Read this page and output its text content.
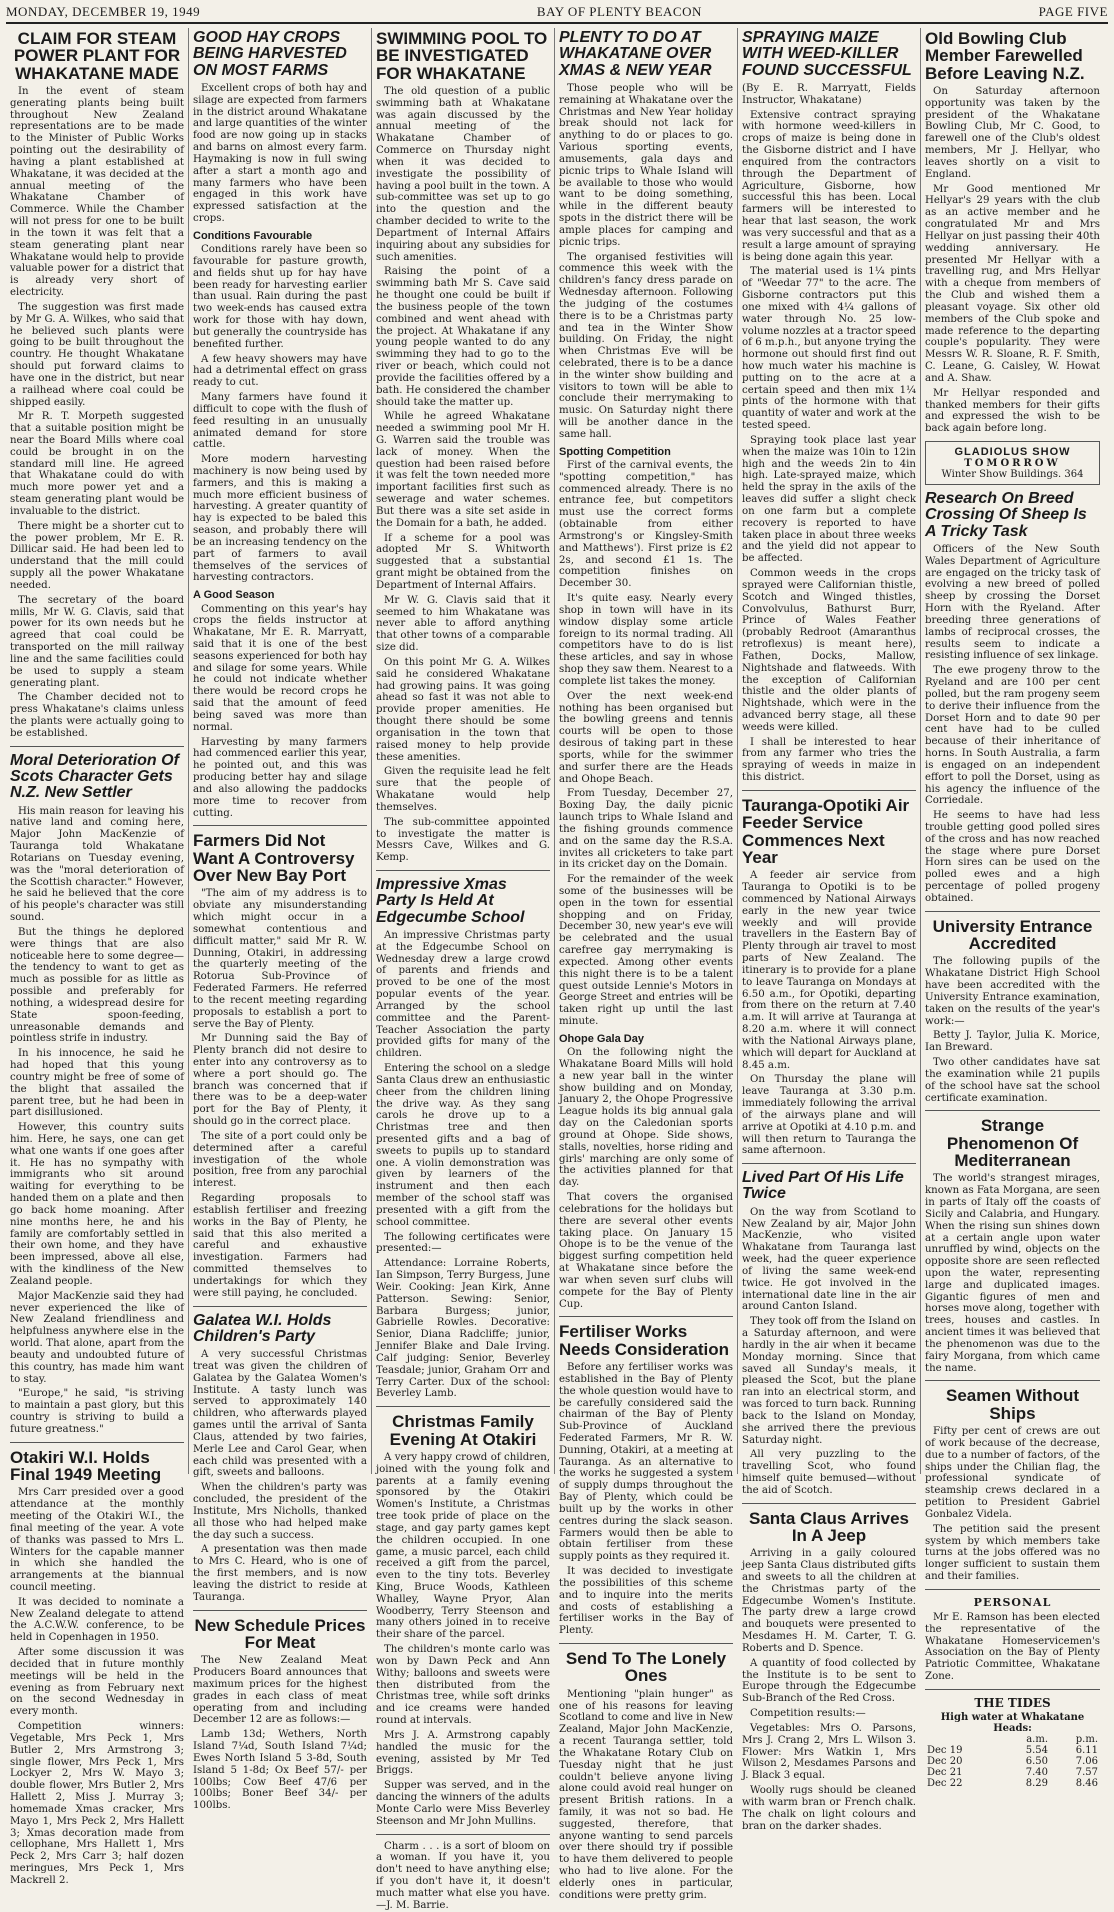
MONDAY, DECEMBER 19, 1949	BAY OF PLENTY BEACON	PAGE FIVE
CLAIM FOR STEAM POWER PLANT FOR WHAKATANE MADE

In the event of steam generating plants being built throughout New Zealand representations are to be made to the Minister of Public Works pointing out the desirability of having a plant established at Whakatane, it was decided at the annual meeting of the Whakatane Chamber of Commerce. While the Chamber will not press for one to be built in the town it was felt that a steam generating plant near Whakatane would help to provide valuable power for a district that is already very short of electricity.

The suggestion was first made by Mr G. A. Wilkes, who said that he believed such plants were going to be built throughout the country. He thought Whakatane should put forward claims to have one in the district, but near a railhead where coal could be shipped easily.

Mr R. T. Morpeth suggested that a suitable position might be near the Board Mills where coal could be brought in on the standard mill line. He agreed that Whakatane could do with much more power yet and a steam generating plant would be invaluable to the district.

There might be a shorter cut to the power problem, Mr E. R. Dillicar said. He had been led to understand that the mill could supply all the power Whakatane needed.

The secretary of the board mills, Mr W. G. Clavis, said that power for its own needs but he agreed that coal could be transported on the mill railway line and the same facilities could be used to supply a steam generating plant.

The Chamber decided not to press Whakatane's claims unless the plants were actually going to be established.

Moral Deterioration Of Scots Character Gets N.Z. New Settler

His main reason for leaving his native land and coming here, Major John MacKenzie of Tauranga told Whakatane Rotarians on Tuesday evening, was the "moral deterioration of the Scottish character." However, he said he believed that the core of his people's character was still sound.

But the things he deplored were things that are also noticeable here to some degree—the tendency to want to get as much as possible for as little as possible and preferably for nothing, a widespread desire for State spoon-feeding, unreasonable demands and pointless strife in industry.

In his innocence, he said he had hoped that this young country might be free of some of the blight that assailed the parent tree, but he had been in part disillusioned.

However, this country suits him. Here, he says, one can get what one wants if one goes after it. He has no sympathy with immigrants who sit around waiting for everything to be handed them on a plate and then go back home moaning. After nine months here, he and his family are comfortably settled in their own home, and they have been impressed, above all else, with the kindliness of the New Zealand people.

Major MacKenzie said they had never experienced the like of New Zealand friendliness and helpfulness anywhere else in the world. That alone, apart from the beauty and undoubted future of this country, has made him want to stay.

"Europe," he said, "is striving to maintain a past glory, but this country is striving to build a future greatness."

Otakiri W.I. Holds Final 1949 Meeting

Mrs Carr presided over a good attendance at the monthly meeting of the Otakiri W.I., the final meeting of the year. A vote of thanks was passed to Mrs L. Winters for the capable manner in which she handled the arrangements at the biannual council meeting.

It was decided to nominate a New Zealand delegate to attend the A.C.W.W. conference, to be held in Copenhagen in 1950.

After some discussion it was decided that in future monthly meetings will be held in the evening as from February next on the second Wednesday in every month.

Competition winners: Vegetable, Mrs Peck 1, Mrs Butler 2, Mrs Armstrong 3; single flower, Mrs Peck 1, Mrs Lockyer 2, Mrs W. Mayo 3; double flower, Mrs Butler 2, Mrs Hallett 2, Miss J. Murray 3; homemade Xmas cracker, Mrs Mayo 1, Mrs Peck 2, Mrs Hallett 3; Xmas decoration made from cellophane, Mrs Hallett 1, Mrs Peck 2, Mrs Carr 3; half dozen meringues, Mrs Peck 1, Mrs Mackrell 2.

GOOD HAY CROPS BEING HARVESTED ON MOST FARMS

Excellent crops of both hay and silage are expected from farmers in the district around Whakatane and large quantities of the winter food are now going up in stacks and barns on almost every farm. Haymaking is now in full swing after a start a month ago and many farmers who have been engaged in this work have expressed satisfaction at the crops.

Conditions Favourable

Conditions rarely have been so favourable for pasture growth, and fields shut up for hay have been ready for harvesting earlier than usual. Rain during the past two week-ends has caused extra work for those with hay down, but generally the countryside has benefited further.

A few heavy showers may have had a detrimental effect on grass ready to cut.

Many farmers have found it difficult to cope with the flush of feed resulting in an unusually animated demand for store cattle.

More modern harvesting machinery is now being used by farmers, and this is making a much more efficient business of harvesting. A greater quantity of hay is expected to be baled this season, and probably there will be an increasing tendency on the part of farmers to avail themselves of the services of harvesting contractors.

A Good Season

Commenting on this year's hay crops the fields instructor at Whakatane, Mr E. R. Marryatt, said that it is one of the best seasons experienced for both hay and silage for some years. While he could not indicate whether there would be record crops he said that the amount of feed being saved was more than normal.

Harvesting by many farmers had commenced earlier this year, he pointed out, and this was producing better hay and silage and also allowing the paddocks more time to recover from cutting.

Farmers Did Not Want A Controversy Over New Bay Port

"The aim of my address is to obviate any misunderstanding which might occur in a somewhat contentious and difficult matter," said Mr R. W. Dunning, Otakiri, in addressing the quarterly meeting of the Rotorua Sub-Province of Federated Farmers. He referred to the recent meeting regarding proposals to establish a port to serve the Bay of Plenty.

Mr Dunning said the Bay of Plenty branch did not desire to enter into any controversy as to where a port should go. The branch was concerned that if there was to be a deep-water port for the Bay of Plenty, it should go in the correct place.

The site of a port could only be determined after a careful investigation of the whole position, free from any parochial interest.

Regarding proposals to establish fertiliser and freezing works in the Bay of Plenty, he said that this also merited a careful and exhaustive investigation. Farmers had committed themselves to undertakings for which they were still paying, he concluded.

Galatea W.I. Holds Children's Party

A very successful Christmas treat was given the children of Galatea by the Galatea Women's Institute. A tasty lunch was served to approximately 140 children, who afterwards played games until the arrival of Santa Claus, attended by two fairies, Merle Lee and Carol Gear, when each child was presented with a gift, sweets and balloons.

When the children's party was concluded, the president of the Institute, Mrs Nicholls, thanked all those who had helped make the day such a success.

A presentation was then made to Mrs C. Heard, who is one of the first members, and is now leaving the district to reside at Tauranga.

New Schedule Prices For Meat

The New Zealand Meat Producers Board announces that maximum prices for the highest grades in each class of meat operating from and including December 12 are as follows:—

Lamb 13d; Wethers, North Island 7¼d, South Island 7¼d; Ewes North Island 5 3-8d, South Island 5 1-8d; Ox Beef 57/- per 100lbs; Cow Beef 47/6 per 100lbs; Boner Beef 34/- per 100lbs.

SWIMMING POOL TO BE INVESTIGATED FOR WHAKATANE

The old question of a public swimming bath at Whakatane was again discussed by the annual meeting of the Whakatane Chamber of Commerce on Thursday night when it was decided to investigate the possibility of having a pool built in the town. A sub-committee was set up to go into the question and the chamber decided to write to the Department of Internal Affairs inquiring about any subsidies for such amenities.

Raising the point of a swimming bath Mr S. Cave said he thought one could be built if the business people of the town combined and went ahead with the project. At Whakatane if any young people wanted to do any swimming they had to go to the river or beach, which could not provide the facilities offered by a bath. He considered the chamber should take the matter up.

While he agreed Whakatane needed a swimming pool Mr H. G. Warren said the trouble was lack of money. When the question had been raised before it was felt the town needed more important facilities first such as sewerage and water schemes. But there was a site set aside in the Domain for a bath, he added.

If a scheme for a pool was adopted Mr S. Whitworth suggested that a substantial grant might be obtained from the Department of Internal Affairs.

Mr W. G. Clavis said that it seemed to him Whakatane was never able to afford anything that other towns of a comparable size did.

On this point Mr G. A. Wilkes said he considered Whakatane had growing pains. It was going ahead so fast it was not able to provide proper amenities. He thought there should be some organisation in the town that raised money to help provide these amenities.

Given the requisite lead he felt sure that the people of Whakatane would help themselves.

The sub-committee appointed to investigate the matter is Messrs Cave, Wilkes and G. Kemp.

Impressive Xmas Party Is Held At Edgecumbe School

An impressive Christmas party at the Edgecumbe School on Wednesday drew a large crowd of parents and friends and proved to be one of the most popular events of the year. Arranged by the school committee and the Parent-Teacher Association the party provided gifts for many of the children.

Entering the school on a sledge Santa Claus drew an enthusiastic cheer from the children lining the drive way. As they sang carols he drove up to a Christmas tree and then presented gifts and a bag of sweets to pupils up to standard one. A violin demonstration was given by learners of the instrument and then each member of the school staff was presented with a gift from the school committee.

The following certificates were presented:—

Attendance: Lorraine Roberts, Ian Simpson, Terry Burgess, June Weir. Cooking: Jean Kirk, Anne Patterson. Sewing: Senior, Barbara Burgess; junior, Gabrielle Rowles. Decorative: Senior, Diana Radcliffe; junior, Jennifer Blake and Dale Irving. Calf judging: Senior, Beverley Teasdale; junior, Graham Orr and Terry Carter. Dux of the school: Beverley Lamb.

Christmas Family Evening At Otakiri

A very happy crowd of children, joined with the young folk and parents at a family evening sponsored by the Otakiri Women's Institute, a Christmas tree took pride of place on the stage, and gay party games kept the children occupied. In one game, a music parcel, each child received a gift from the parcel, even to the tiny tots. Beverley King, Bruce Woods, Kathleen Whalley, Wayne Pryor, Alan Woodberry, Terry Steenson and many others joined in to receive their share of the parcel.

The children's monte carlo was won by Dawn Peck and Ann Withy; balloons and sweets were then distributed from the Christmas tree, while soft drinks and ice creams were handed round at intervals.

Mrs J. A. Armstrong capably handled the music for the evening, assisted by Mr Ted Briggs.

Supper was served, and in the dancing the winners of the adults Monte Carlo were Miss Beverley Steenson and Mr John Mullins.

Charm . . . is a sort of bloom on a woman. If you have it, you don't need to have anything else; if you don't have it, it doesn't much matter what else you have.—J. M. Barrie.

PLENTY TO DO AT WHAKATANE OVER XMAS & NEW YEAR

Those people who will be remaining at Whakatane over the Christmas and New Year holiday break should not lack for anything to do or places to go. Various sporting events, amusements, gala days and picnic trips to Whale Island will be available to those who would want to be doing something, while in the different beauty spots in the district there will be ample places for camping and picnic trips.

The organised festivities will commence this week with the children's fancy dress parade on Wednesday afternoon. Following the judging of the costumes there is to be a Christmas party and tea in the Winter Show building. On Friday, the night when Christmas Eve will be celebrated, there is to be a dance in the winter show building and visitors to town will be able to conclude their merrymaking to music. On Saturday night there will be another dance in the same hall.

Spotting Competition

First of the carnival events, the "spotting competition," has commenced already. There is no entrance fee, but competitors must use the correct forms (obtainable from either Armstrong's or Kingsley-Smith and Matthews'). First prize is £2 2s, and second £1 1s. The competition finishes on December 30.

It's quite easy. Nearly every shop in town will have in its window display some article foreign to its normal trading. All competitors have to do is list these articles, and say in whose shop they saw them. Nearest to a complete list takes the money.

Over the next week-end nothing has been organised but the bowling greens and tennis courts will be open to those desirous of taking part in these sports, while for the swimmer and surfer there are the Heads and Ohope Beach.

From Tuesday, December 27, Boxing Day, the daily picnic launch trips to Whale Island and the fishing grounds commence and on the same day the R.S.A. invites all cricketers to take part in its cricket day on the Domain.

For the remainder of the week some of the businesses will be open in the town for essential shopping and on Friday, December 30, new year's eve will be celebrated and the usual carefree gay merrymaking is expected. Among other events this night there is to be a talent quest outside Lennie's Motors in George Street and entries will be taken right up until the last minute.

Ohope Gala Day

On the following night the Whakatane Board Mills will hold a new year ball in the winter show building and on Monday, January 2, the Ohope Progressive League holds its big annual gala day on the Caledonian sports ground at Ohope. Side shows, stalls, novelties, horse riding and girls' marching are only some of the activities planned for that day.

That covers the organised celebrations for the holidays but there are several other events taking place. On January 15 Ohope is to be the venue of the biggest surfing competition held at Whakatane since before the war when seven surf clubs will compete for the Bay of Plenty Cup.

Fertiliser Works Needs Consideration

Before any fertiliser works was established in the Bay of Plenty the whole question would have to be carefully considered said the chairman of the Bay of Plenty Sub-Province of Auckland Federated Farmers, Mr R. W. Dunning, Otakiri, at a meeting at Tauranga. As an alternative to the works he suggested a system of supply dumps throughout the Bay of Plenty, which could be built up by the works in other centres during the slack season. Farmers would then be able to obtain fertiliser from these supply points as they required it.

It was decided to investigate the possibilities of this scheme and to inquire into the merits and costs of establishing a fertiliser works in the Bay of Plenty.

Send To The Lonely Ones

Mentioning "plain hunger" as one of his reasons for leaving Scotland to come and live in New Zealand, Major John MacKenzie, a recent Tauranga settler, told the Whakatane Rotary Club on Tuesday night that he just couldn't believe anyone living alone could avoid real hunger on present British rations. In a family, it was not so bad. He suggested, therefore, that anyone wanting to send parcels over there should try if possible to have them delivered to people who had to live alone. For the elderly ones in particular, conditions were pretty grim.

SPRAYING MAIZE WITH WEED-KILLER FOUND SUCCESSFUL

(By E. R. Marryatt, Fields Instructor, Whakatane)

Extensive contract spraying with hormone weed-killers in crops of maize is being done in the Gisborne district and I have enquired from the contractors through the Department of Agriculture, Gisborne, how successful this has been. Local farmers will be interested to hear that last season, the work was very successful and that as a result a large amount of spraying is being done again this year.

The material used is 1¼ pints of "Weedar 77" to the acre. The Gisborne contractors put this one mixed with 4¼ gallons of water through No. 25 low-volume nozzles at a tractor speed of 6 m.p.h., but anyone trying the hormone out should first find out how much water his machine is putting on to the acre at a certain speed and then mix 1¼ pints of the hormone with that quantity of water and work at the tested speed.

Spraying took place last year when the maize was 10in to 12in high and the weeds 2in to 4in high. Late-sprayed maize, which held the spray in the axils of the leaves did suffer a slight check on one farm but a complete recovery is reported to have taken place in about three weeks and the yield did not appear to be affected.

Common weeds in the crops sprayed were Californian thistle, Scotch and Winged thistles, Convolvulus, Bathurst Burr, Prince of Wales Feather (probably Redroot (Amaranthus retroflexus) is meant here), Fathen, Docks, Mallow, Nightshade and flatweeds. With the exception of Californian thistle and the older plants of Nightshade, which were in the advanced berry stage, all these weeds were killed.

I shall be interested to hear from any farmer who tries the spraying of weeds in maize in this district.

Tauranga-Opotiki Air Feeder Service Commences Next Year

A feeder air service from Tauranga to Opotiki is to be commenced by National Airways early in the new year twice weekly and will provide travellers in the Eastern Bay of Plenty through air travel to most parts of New Zealand. The itinerary is to provide for a plane to leave Tauranga on Mondays at 6.50 a.m., for Opotiki, departing from there on the return at 7.40 a.m. It will arrive at Tauranga at 8.20 a.m. where it will connect with the National Airways plane, which will depart for Auckland at 8.45 a.m.

On Thursday the plane will leave Tauranga at 3.30 p.m. immediately following the arrival of the airways plane and will arrive at Opotiki at 4.10 p.m. and will then return to Tauranga the same afternoon.

Lived Part Of His Life Twice

On the way from Scotland to New Zealand by air, Major John MacKenzie, who visited Whakatane from Tauranga last week, had the queer experience of living the same week-end twice. He got involved in the international date line in the air around Canton Island.

They took off from the Island on a Saturday afternoon, and were hardly in the air when it became Monday morning. Since that saved all Sunday's meals, it pleased the Scot, but the plane ran into an electrical storm, and was forced to turn back. Running back to the Island on Monday, she arrived there the previous Saturday night.

All very puzzling to the travelling Scot, who found himself quite bemused—without the aid of Scotch.

Santa Claus Arrives In A Jeep

Arriving in a gaily coloured jeep Santa Claus distributed gifts and sweets to all the children at the Christmas party of the Edgecumbe Women's Institute. The party drew a large crowd and bouquets were presented to Mesdames H. M. Carter, T. G. Roberts and D. Spence.

A quantity of food collected by the Institute is to be sent to Europe through the Edgecumbe Sub-Branch of the Red Cross.

Competition results:—

Vegetables: Mrs O. Parsons, Mrs J. Crang 2, Mrs L. Wilson 3. Flower: Mrs Watkin 1, Mrs Wilson 2, Mesdames Parsons and J. Black 3 equal.

Woolly rugs should be cleaned with warm bran or French chalk. The chalk on light colours and bran on the darker shades.

Old Bowling Club Member Farewelled Before Leaving N.Z.

On Saturday afternoon opportunity was taken by the president of the Whakatane Bowling Club, Mr C. Good, to farewell one of the Club's oldest members, Mr J. Hellyar, who leaves shortly on a visit to England.

Mr Good mentioned Mr Hellyar's 29 years with the club as an active member and he congratulated Mr and Mrs Hellyar on just passing their 40th wedding anniversary. He presented Mr Hellyar with a travelling rug, and Mrs Hellyar with a cheque from members of the Club and wished them a pleasant voyage. Six other old members of the Club spoke and made reference to the departing couple's popularity. They were Messrs W. R. Sloane, R. F. Smith, C. Leane, G. Caisley, W. Howat and A. Shaw.

Mr Hellyar responded and thanked members for their gifts and expressed the wish to be back again before long.

GLADIOLUS SHOW
TOMORROW
Winter Show Buildings. 364
Research On Breed Crossing Of Sheep Is A Tricky Task

Officers of the New South Wales Department of Agriculture are engaged on the tricky task of evolving a new breed of polled sheep by crossing the Dorset Horn with the Ryeland. After breeding three generations of lambs of reciprocal crosses, the results seem to indicate a resisting influence of sex linkage.

The ewe progeny throw to the Ryeland and are 100 per cent polled, but the ram progeny seem to derive their influence from the Dorset Horn and to date 90 per cent have had to be culled because of their inheritance of horns. In South Australia, a farm is engaged on an independent effort to poll the Dorset, using as his agency the influence of the Corriedale.

He seems to have had less trouble getting good polled sires of the cross and has now reached the stage where pure Dorset Horn sires can be used on the polled ewes and a high percentage of polled progeny obtained.

University Entrance Accredited

The following pupils of the Whakatane District High School have been accredited with the University Entrance examination, taken on the results of the year's work:—

Betty J. Taylor, Julia K. Morice, Ian Breward.

Two other candidates have sat the examination while 21 pupils of the school have sat the school certificate examination.

Strange Phenomenon Of Mediterranean

The world's strangest mirages, known as Fata Morgana, are seen in parts of Italy off the coasts of Sicily and Calabria, and Hungary. When the rising sun shines down at a certain angle upon water unruffled by wind, objects on the opposite shore are seen reflected upon the water, representing large and duplicated images. Gigantic figures of men and horses move along, together with trees, houses and castles. In ancient times it was believed that the phenomenon was due to the fairy Morgana, from which came the name.

Seamen Without Ships

Fifty per cent of crews are out of work because of the decrease, due to a number of factors, of the ships under the Chilian flag, the professional syndicate of steamship crews declared in a petition to President Gabriel Gonbalez Videla.

The petition said the present system by which members take turns at the jobs offered was no longer sufficient to sustain them and their families.

PERSONAL

Mr E. Ramson has been elected the representative of the Whakatane Homeservicemen's Association on the Bay of Plenty Patriotic Committee, Whakatane Zone.

THE TIDES
High water at Whakatane Heads:
	a.m.	p.m.
Dec 19	5.54	6.11
Dec 20	6.50	7.06
Dec 21	7.40	7.57
Dec 22	8.29	8.46
